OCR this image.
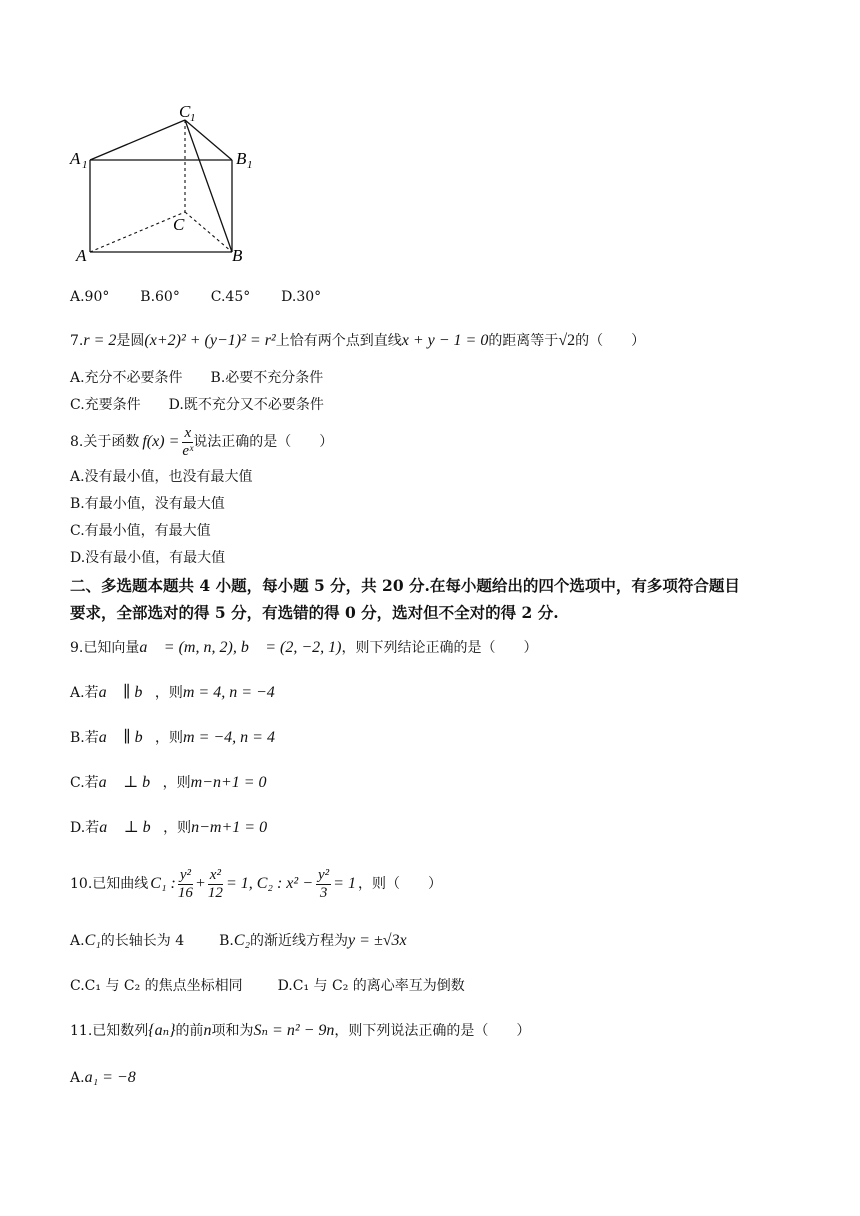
C 1
A 1	B 1
C
A	B
A.90° B.60° C.45° D.30°
7.r = 2是圆(x+2)² + (y−1)² = r²上恰有两个点到直线x + y − 1 = 0的距离等于√2的（　　）
A.充分不必要条件　　B.必要不充分条件
C.充要条件　　D.既不充分又不必要条件
8.关于函数 $f(x) = \frac{x}{\text{eˣ}}$ 说法正确的是（　　）
A.没有最小值，也没有最大值
B.有最小值，没有最大值
C.有最小值，有最大值
D.没有最小值，有最大值
二、多选题本题共 4 小题，每小题 5 分，共 20 分.在每小题给出的四个选项中，有多项符合题目
要求，全部选对的得 5 分，有选错的得 0 分，选对但不全对的得 2 分.
9.已知向量a⃗ = (m, n, 2), b⃗ = (2, −2, 1)，则下列结论正确的是（　　）
A.若a⃗ ∥ b⃗，则m = 4, n = −4
B.若a⃗ ∥ b⃗，则m = −4, n = 4
C.若a⃗ ⊥ b⃗，则m−n+1 = 0
D.若a⃗ ⊥ b⃗，则n−m+1 = 0
10.已知曲线 C₁ : $\frac{\text{y²}}{16} + \frac{\text{x²}}{12} = 1$, C₂ : $x^2 - \frac{\text{y²}}{3} = 1$ ，则（　　）
A.C₁的长轴长为 4 B.C₂的渐近线方程为y = ±√3x
C.C₁ 与 C₂ 的焦点坐标相同 D.C₁ 与 C₂ 的离心率互为倒数
11.已知数列{aₙ}的前n项和为Sₙ = n² − 9n，则下列说法正确的是（　　）
A.a₁ = −8
